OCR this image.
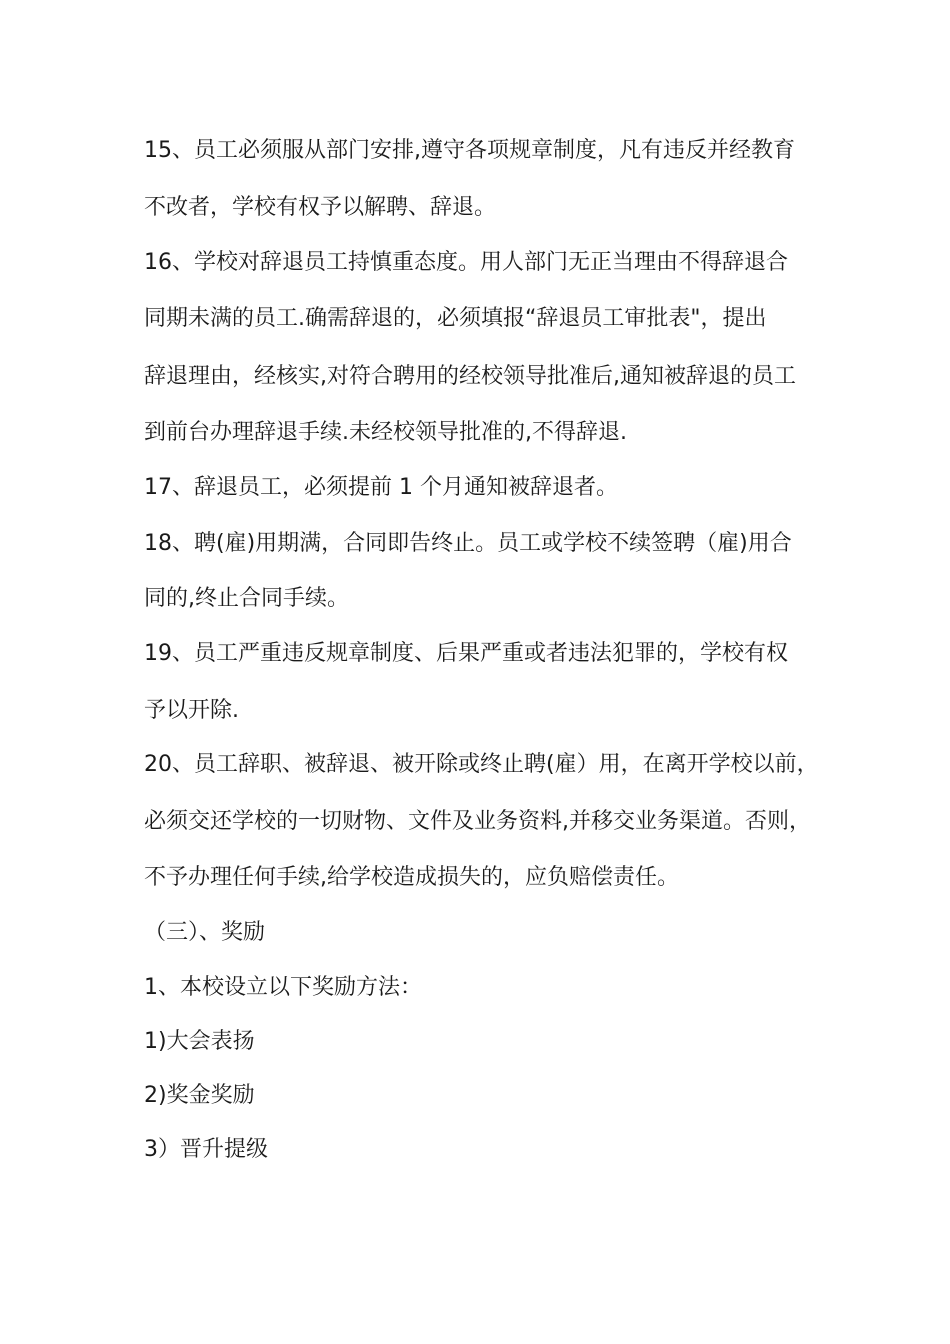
15、员工必须服从部门安排,遵守各项规章制度，凡有违反并经教育
不改者，学校有权予以解聘、辞退。
16、学校对辞退员工持慎重态度。用人部门无正当理由不得辞退合
同期未满的员工.确需辞退的，必须填报“辞退员工审批表"，提出
辞退理由，经核实,对符合聘用的经校领导批准后,通知被辞退的员工
到前台办理辞退手续.未经校领导批准的,不得辞退.
17、辞退员工，必须提前 1 个月通知被辞退者。
18、聘(雇)用期满，合同即告终止。员工或学校不续签聘（雇)用合
同的,终止合同手续。
19、员工严重违反规章制度、后果严重或者违法犯罪的，学校有权
予以开除.
20、员工辞职、被辞退、被开除或终止聘(雇）用，在离开学校以前，
必须交还学校的一切财物、文件及业务资料,并移交业务渠道。否则，
不予办理任何手续,给学校造成损失的，应负赔偿责任。
（三）、奖励
1、本校设立以下奖励方法：
1)大会表扬
2)奖金奖励
3）晋升提级
